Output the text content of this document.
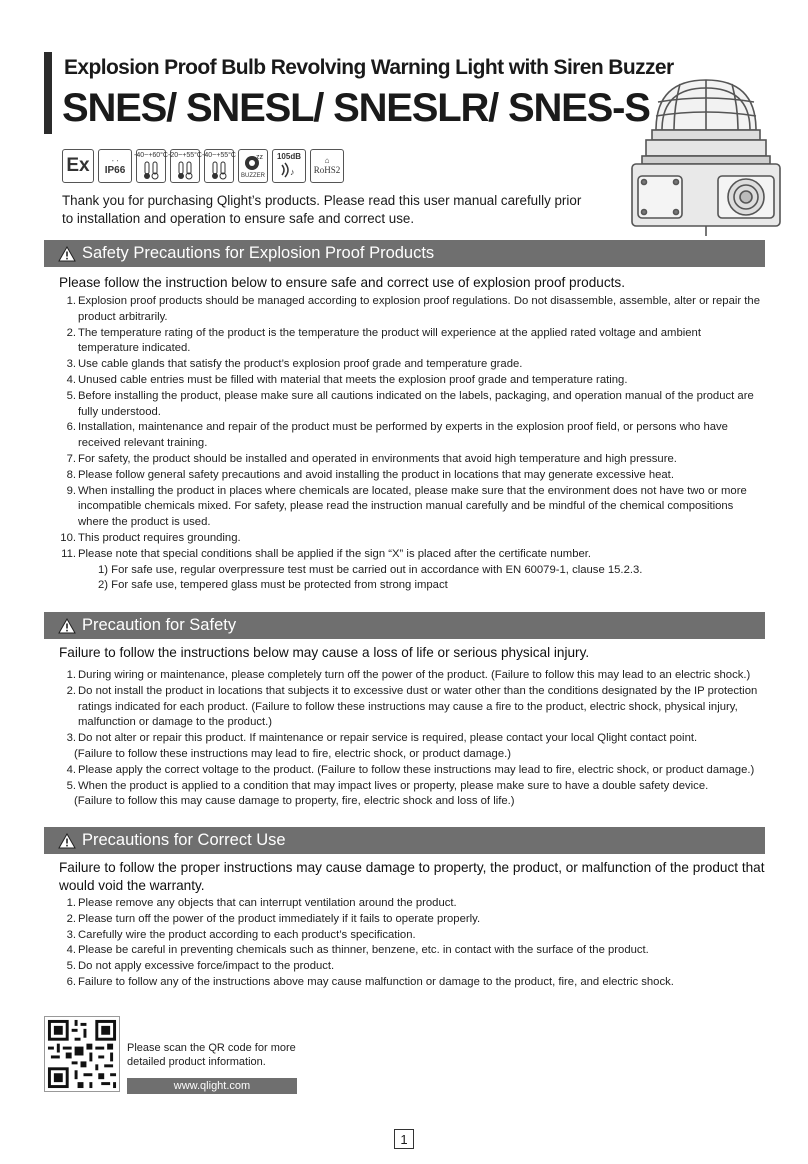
Explosion Proof Bulb Revolving Warning Light with Siren Buzzer
SNES/ SNESL/ SNESLR/ SNES-S
Ex ᐧ ᐧ
IP66
-40~+60°C -20~+55°C -40~+55°C	zz
BUZZER
105dB
♪
⌂
RoHS2
Thank you for purchasing Qlight’s products. Please read this user manual carefully prior to installation and operation to ensure safe and correct use.
Safety Precautions for Explosion Proof Products
Please follow the instruction below to ensure safe and correct use of explosion proof products.
1. Explosion proof products should be managed according to explosion proof regulations. Do not disassemble, assemble, alter or repair the product arbitrarily.
2. The temperature rating of the product is the temperature the product will experience at the applied rated voltage and ambient temperature indicated.
3. Use cable glands that satisfy the product’s explosion proof grade and temperature grade.
4. Unused cable entries must be filled with material that meets the explosion proof grade and temperature rating.
5. Before installing the product, please make sure all cautions indicated on the labels, packaging, and operation manual of the product are fully understood.
6. Installation, maintenance and repair of the product must be performed by experts in the explosion proof field, or persons who have received relevant training.
7. For safety, the product should be installed and operated in environments that avoid high temperature and high pressure.
8. Please follow general safety precautions and avoid installing the product in locations that may generate excessive heat.
9. When installing the product in places where chemicals are located, please make sure that the environment does not have two or more incompatible chemicals mixed. For safety, please read the instruction manual carefully and be mindful of the chemical compositions where the product is used.
10. This product requires grounding.
11. Please note that special conditions shall be applied if the sign “X” is placed after the certificate number.
1) For safe use, regular overpressure test must be carried out in accordance with EN 60079-1, clause 15.2.3.
2) For safe use, tempered glass must be protected from strong impact
Precaution for Safety
Failure to follow the instructions below may cause a loss of life or serious physical injury.
1. During wiring or maintenance, please completely turn off the power of the product. (Failure to follow this may lead to an electric shock.)
2. Do not install the product in locations that subjects it to excessive dust or water other than the conditions designated by the IP protection ratings indicated for each product. (Failure to follow these instructions may cause a fire to the product, electric shock, physical injury, malfunction or damage to the product.)
3. Do not alter or repair this product. If maintenance or repair service is required, please contact your local Qlight contact point.
(Failure to follow these instructions may lead to fire, electric shock, or product damage.)
4. Please apply the correct voltage to the product. (Failure to follow these instructions may lead to fire, electric shock, or product damage.)
5. When the product is applied to a condition that may impact lives or property, please make sure to have a double safety device.
(Failure to follow this may cause damage to property, fire, electric shock and loss of life.)
Precautions for Correct Use
Failure to follow the proper instructions may cause damage to property, the product, or malfunction of the product that would void the warranty.
1. Please remove any objects that can interrupt ventilation around the product.
2. Please turn off the power of the product immediately if it fails to operate properly.
3. Carefully wire the product according to each product’s specification.
4. Please be careful in preventing chemicals such as thinner, benzene, etc. in contact with the surface of the product.
5. Do not apply excessive force/impact to the product.
6. Failure to follow any of the instructions above may cause malfunction or damage to the product, fire, and electric shock.
Please scan the QR code for more detailed product information.
www.qlight.com
1
